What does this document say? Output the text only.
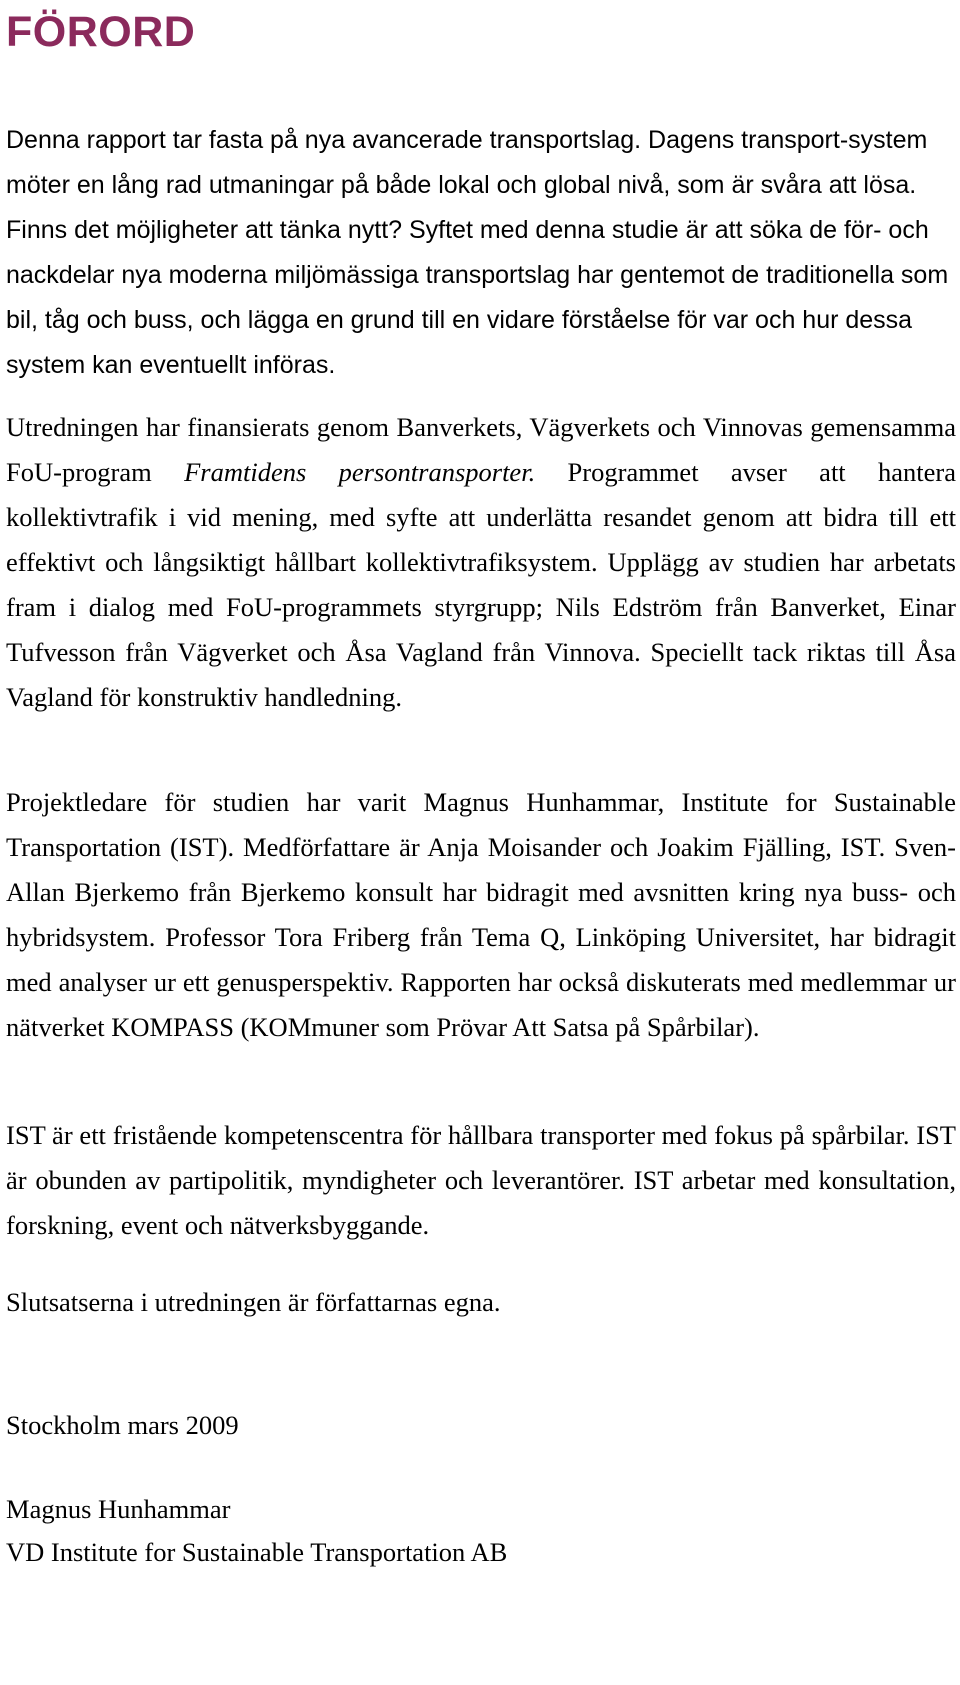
FÖRORD

Denna rapport tar fasta på nya avancerade transportslag. Dagens transport-system möter en lång rad utmaningar på både lokal och global nivå, som är svåra att lösa. Finns det möjligheter att tänka nytt? Syftet med denna studie är att söka de för- och nackdelar nya moderna miljömässiga transportslag har gentemot de traditionella som bil, tåg och buss, och lägga en grund till en vidare förståelse för var och hur dessa system kan eventuellt införas.

Utredningen har finansierats genom Banverkets, Vägverkets och Vinnovas gemensamma FoU-program Framtidens persontransporter. Programmet avser att hantera kollektivtrafik i vid mening, med syfte att underlätta resandet genom att bidra till ett effektivt och långsiktigt hållbart kollektivtrafiksystem. Upplägg av studien har arbetats fram i dialog med FoU-programmets styrgrupp; Nils Edström från Banverket, Einar Tufvesson från Vägverket och Åsa Vagland från Vinnova. Speciellt tack riktas till Åsa Vagland för konstruktiv handledning.

Projektledare för studien har varit Magnus Hunhammar, Institute for Sustainable Transportation (IST). Medförfattare är Anja Moisander och Joakim Fjälling, IST. Sven-Allan Bjerkemo från Bjerkemo konsult har bidragit med avsnitten kring nya buss- och hybridsystem. Professor Tora Friberg från Tema Q, Linköping Universitet, har bidragit med analyser ur ett genusperspektiv. Rapporten har också diskuterats med medlemmar ur nätverket KOMPASS (KOMmuner som Prövar Att Satsa på Spårbilar).

IST är ett fristående kompetenscentra för hållbara transporter med fokus på spårbilar. IST är obunden av partipolitik, myndigheter och leverantörer. IST arbetar med konsultation, forskning, event och nätverksbyggande.

Slutsatserna i utredningen är författarnas egna.

Stockholm mars 2009

Magnus Hunhammar

VD Institute for Sustainable Transportation AB
